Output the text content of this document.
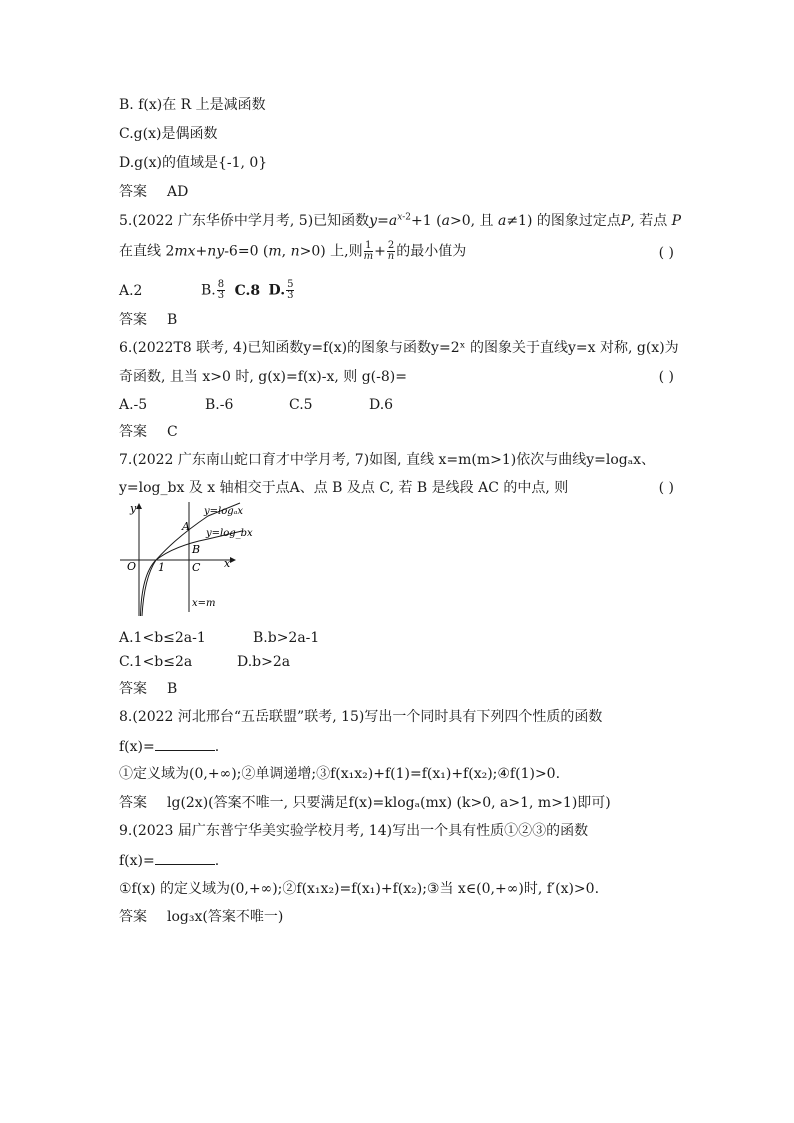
B. f(x)在 R 上是减函数
C.g(x)是偶函数
D.g(x)的值域是{-1, 0}
答案 AD
5.(2022 广东华侨中学月考, 5)已知函数$y=a^{x-2}+1$ (a>0, 且 a≠1) 的图象过定点P, 若点 P
在直线 2mx+ny-6=0 (m, n>0) 上,则 $\frac{1}{m} + \frac{2}{n}$ 的最小值为	( )
A.2	B. $\frac{8}{3} C.8$ D. $\frac{5}{3}$
答案 B
6.(2022T8 联考, 4)已知函数y=f(x)的图象与函数y=2ˣ 的图象关于直线y=x 对称, g(x)为
奇函数, 且当 x>0 时, g(x)=f(x)-x, 则 g(-8)=	( )
A.-5	B.-6	C.5	D.6
答案 C
7.(2022 广东南山蛇口育才中学月考, 7)如图, 直线 x=m(m>1)依次与曲线y=logₐx、
y=log_bx 及 x 轴相交于点A、点 B 及点 C, 若 B 是线段 AC 的中点, 则	( )
y
x
O 1
A
B
C
y=logₐx
y=log_bx
x=m
A.1<b≤2a-1	B.b>2a-1
C.1<b≤2a	D.b>2a
答案 B
8.(2022 河北邢台“五岳联盟”联考, 15)写出一个同时具有下列四个性质的函数
f(x)=	.
①定义域为(0,+∞);②单调递增;③f(x₁x₂)+f(1)=f(x₁)+f(x₂);④f(1)>0.
答案 lg(2x)(答案不唯一, 只要满足f(x)=klogₐ(mx) (k>0, a>1, m>1)即可)
9.(2023 届广东普宁华美实验学校月考, 14)写出一个具有性质①②③的函数
f(x)=	.
①f(x) 的定义域为(0,+∞);②f(x₁x₂)=f(x₁)+f(x₂);③当 x∈(0,+∞)时, f′(x)>0.
答案 log₃x(答案不唯一)
